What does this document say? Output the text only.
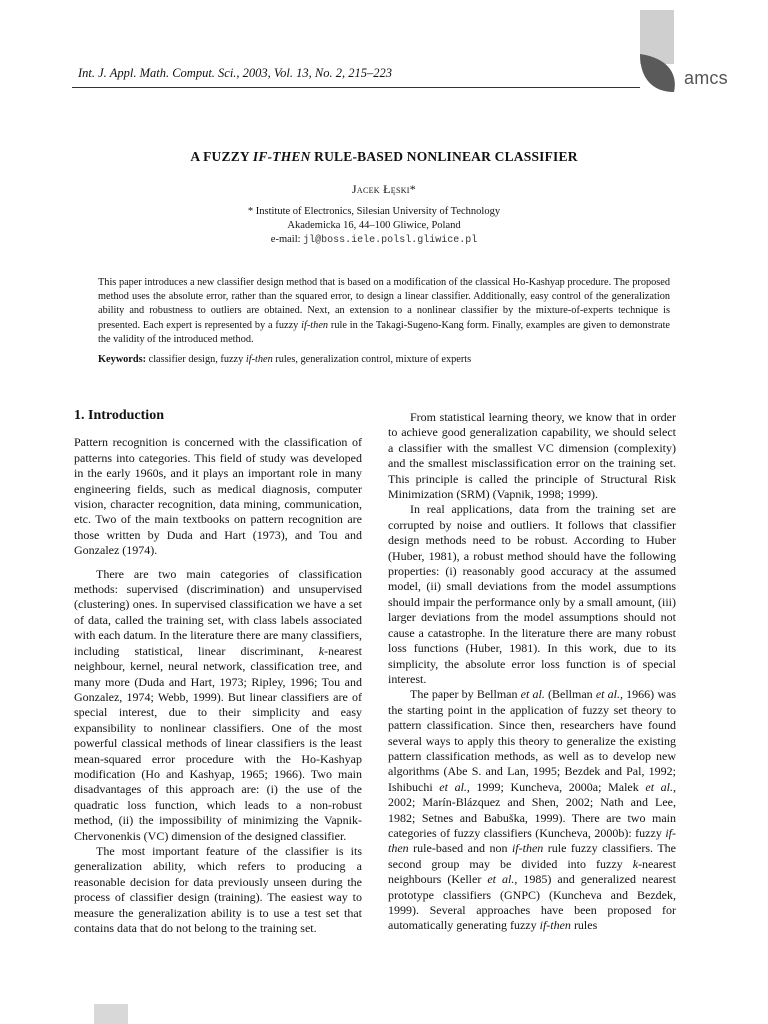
amcs
Int. J. Appl. Math. Comput. Sci., 2003, Vol. 13, No. 2, 215–223
A FUZZY IF-THEN RULE-BASED NONLINEAR CLASSIFIER
Jacek Łęski*
* Institute of Electronics, Silesian University of Technology
Akademicka 16, 44–100 Gliwice, Poland
e-mail: jl@boss.iele.polsl.gliwice.pl
This paper introduces a new classifier design method that is based on a modification of the classical Ho-Kashyap procedure. The proposed method uses the absolute error, rather than the squared error, to design a linear classifier. Additionally, easy control of the generalization ability and robustness to outliers are obtained. Next, an extension to a nonlinear classifier by the mixture-of-experts technique is presented. Each expert is represented by a fuzzy if-then rule in the Takagi-Sugeno-Kang form. Finally, examples are given to demonstrate the validity of the introduced method.
Keywords: classifier design, fuzzy if-then rules, generalization control, mixture of experts
1. Introduction

Pattern recognition is concerned with the classification of patterns into categories. This field of study was developed in the early 1960s, and it plays an important role in many engineering fields, such as medical diagnosis, computer vision, character recognition, data mining, communication, etc. Two of the main textbooks on pattern recognition are those written by Duda and Hart (1973), and Tou and Gonzalez (1974).

There are two main categories of classification methods: supervised (discrimination) and unsupervised (clustering) ones. In supervised classification we have a set of data, called the training set, with class labels associated with each datum. In the literature there are many classifiers, including statistical, linear discriminant, k-nearest neighbour, kernel, neural network, classification tree, and many more (Duda and Hart, 1973; Ripley, 1996; Tou and Gonzalez, 1974; Webb, 1999). But linear classifiers are of special interest, due to their simplicity and easy expansibility to nonlinear classifiers. One of the most powerful classical methods of linear classifiers is the least mean-squared error procedure with the Ho-Kashyap modification (Ho and Kashyap, 1965; 1966). Two main disadvantages of this approach are: (i) the use of the quadratic loss function, which leads to a non-robust method, (ii) the impossibility of minimizing the Vapnik-Chervonenkis (VC) dimension of the designed classifier.

The most important feature of the classifier is its generalization ability, which refers to producing a reasonable decision for data previously unseen during the process of classifier design (training). The easiest way to measure the generalization ability is to use a test set that contains data that do not belong to the training set.

From statistical learning theory, we know that in order to achieve good generalization capability, we should select a classifier with the smallest VC dimension (complexity) and the smallest misclassification error on the training set. This principle is called the principle of Structural Risk Minimization (SRM) (Vapnik, 1998; 1999).

In real applications, data from the training set are corrupted by noise and outliers. It follows that classifier design methods need to be robust. According to Huber (Huber, 1981), a robust method should have the following properties: (i) reasonably good accuracy at the assumed model, (ii) small deviations from the model assumptions should impair the performance only by a small amount, (iii) larger deviations from the model assumptions should not cause a catastrophe. In the literature there are many robust loss functions (Huber, 1981). In this work, due to its simplicity, the absolute error loss function is of special interest.

The paper by Bellman et al. (Bellman et al., 1966) was the starting point in the application of fuzzy set theory to pattern classification. Since then, researchers have found several ways to apply this theory to generalize the existing pattern classification methods, as well as to develop new algorithms (Abe S. and Lan, 1995; Bezdek and Pal, 1992; Ishibuchi et al., 1999; Kuncheva, 2000a; Malek et al., 2002; Marín-Blázquez and Shen, 2002; Nath and Lee, 1982; Setnes and Babuška, 1999). There are two main categories of fuzzy classifiers (Kuncheva, 2000b): fuzzy if-then rule-based and non if-then rule fuzzy classifiers. The second group may be divided into fuzzy k-nearest neighbours (Keller et al., 1985) and generalized nearest prototype classifiers (GNPC) (Kuncheva and Bezdek, 1999). Several approaches have been proposed for automatically generating fuzzy if-then rules
